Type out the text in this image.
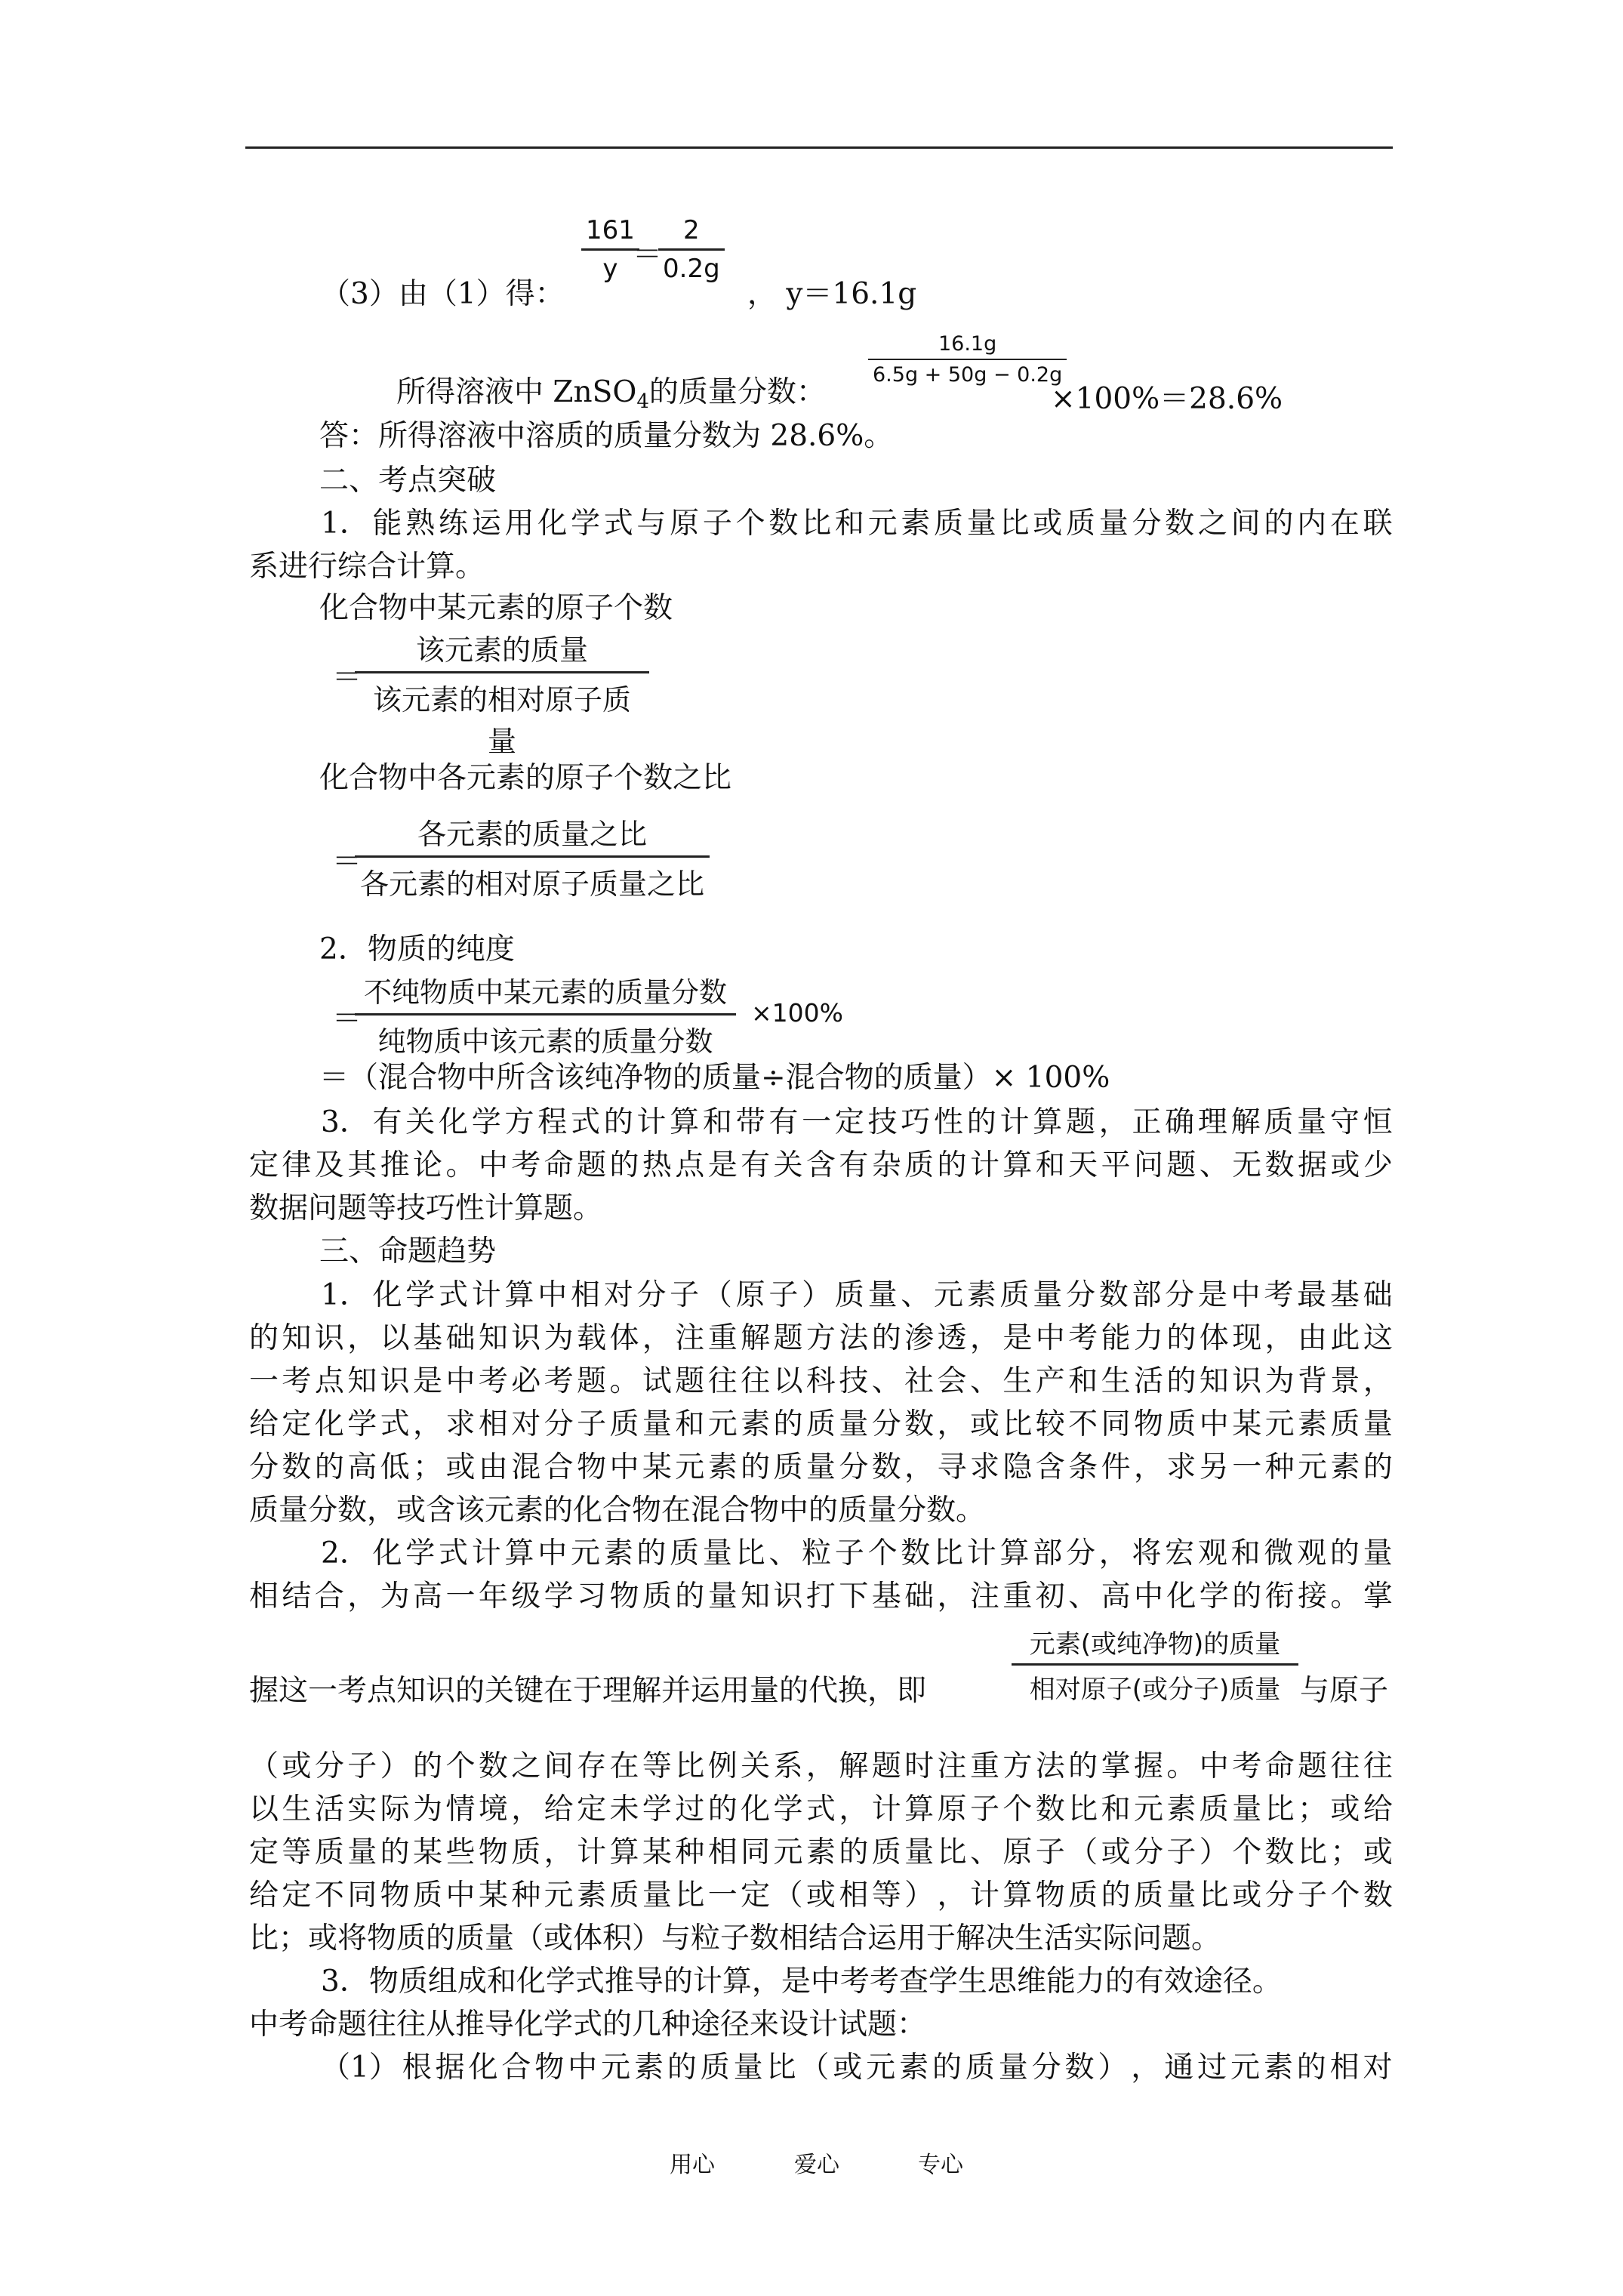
（3）由（1）得：
$\frac{161}{y}$
＝
$\frac{2}{0.2g}$
， y＝16.1g
所得溶液中 ZnSO$_4$的质量分数：
$\frac{16.1g}{6.5g + 50g - 0.2g}$
×100%＝28.6%
答：所得溶液中溶质的质量分数为 28.6%。
二、考点突破
1． 能 熟 练 运 用 化 学 式 与 原 子 个 数 比 和 元 素 质 量 比 或 质 量 分 数 之 间 的 内 在 联
系进行综合计算。
化合物中某元素的原子个数
＝
该元素的质量
该元素的相对原子质量
化合物中各元素的原子个数之比
＝
各元素的质量之比
各元素的相对原子质量之比
2．物质的纯度
＝
不纯物质中某元素的质量分数
纯物质中该元素的质量分数
×100%
＝（混合物中所含该纯净物的质量÷混合物的质量）× 100%
3． 有 关 化 学 方 程 式 的 计 算 和 带 有 一 定 技 巧 性 的 计 算 题 ， 正 确 理 解 质 量 守 恒
定 律 及 其 推 论 。 中 考 命 题 的 热 点 是 有 关 含 有 杂 质 的 计 算 和 天 平 问 题 、 无 数 据 或 少
数据问题等技巧性计算题。
三、命题趋势
1． 化 学 式 计 算 中 相 对 分 子 （ 原 子 ） 质 量 、 元 素 质 量 分 数 部 分 是 中 考 最 基 础
的 知 识 ， 以 基 础 知 识 为 载 体 ， 注 重 解 题 方 法 的 渗 透 ， 是 中 考 能 力 的 体 现 ， 由 此 这
一 考 点 知 识 是 中 考 必 考 题 。 试 题 往 往 以 科 技 、 社 会 、 生 产 和 生 活 的 知 识 为 背 景 ，
给 定 化 学 式 ， 求 相 对 分 子 质 量 和 元 素 的 质 量 分 数 ， 或 比 较 不 同 物 质 中 某 元 素 质 量
分 数 的 高 低 ； 或 由 混 合 物 中 某 元 素 的 质 量 分 数 ， 寻 求 隐 含 条 件 ， 求 另 一 种 元 素 的
质量分数，或含该元素的化合物在混合物中的质量分数。
2． 化 学 式 计 算 中 元 素 的 质 量 比 、 粒 子 个 数 比 计 算 部 分 ， 将 宏 观 和 微 观 的 量
相 结 合 ， 为 高 一 年 级 学 习 物 质 的 量 知 识 打 下 基 础 ， 注 重 初 、 高 中 化 学 的 衔 接 。 掌
握这一考点知识的关键在于理解并运用量的代换，即
元素(或纯净物)的质量
相对原子(或分子)质量 与原子
（ 或 分 子 ） 的 个 数 之 间 存 在 等 比 例 关 系 ， 解 题 时 注 重 方 法 的 掌 握 。 中 考 命 题 往 往
以 生 活 实 际 为 情 境 ， 给 定 未 学 过 的 化 学 式 ， 计 算 原 子 个 数 比 和 元 素 质 量 比 ； 或 给
定 等 质 量 的 某 些 物 质 ， 计 算 某 种 相 同 元 素 的 质 量 比 、 原 子 （ 或 分 子 ） 个 数 比 ； 或
给 定 不 同 物 质 中 某 种 元 素 质 量 比 一 定 （ 或 相 等 ） ， 计 算 物 质 的 质 量 比 或 分 子 个 数
比；或将物质的质量（或体积）与粒子数相结合运用于解决生活实际问题。
3．物质组成和化学式推导的计算，是中考考查学生思维能力的有效途径。
中考命题往往从推导化学式的几种途径来设计试题：
（1） 根 据 化 合 物 中 元 素 的 质 量 比 （ 或 元 素 的 质 量 分 数 ） ， 通 过 元 素 的 相 对
用心	爱心	专心
